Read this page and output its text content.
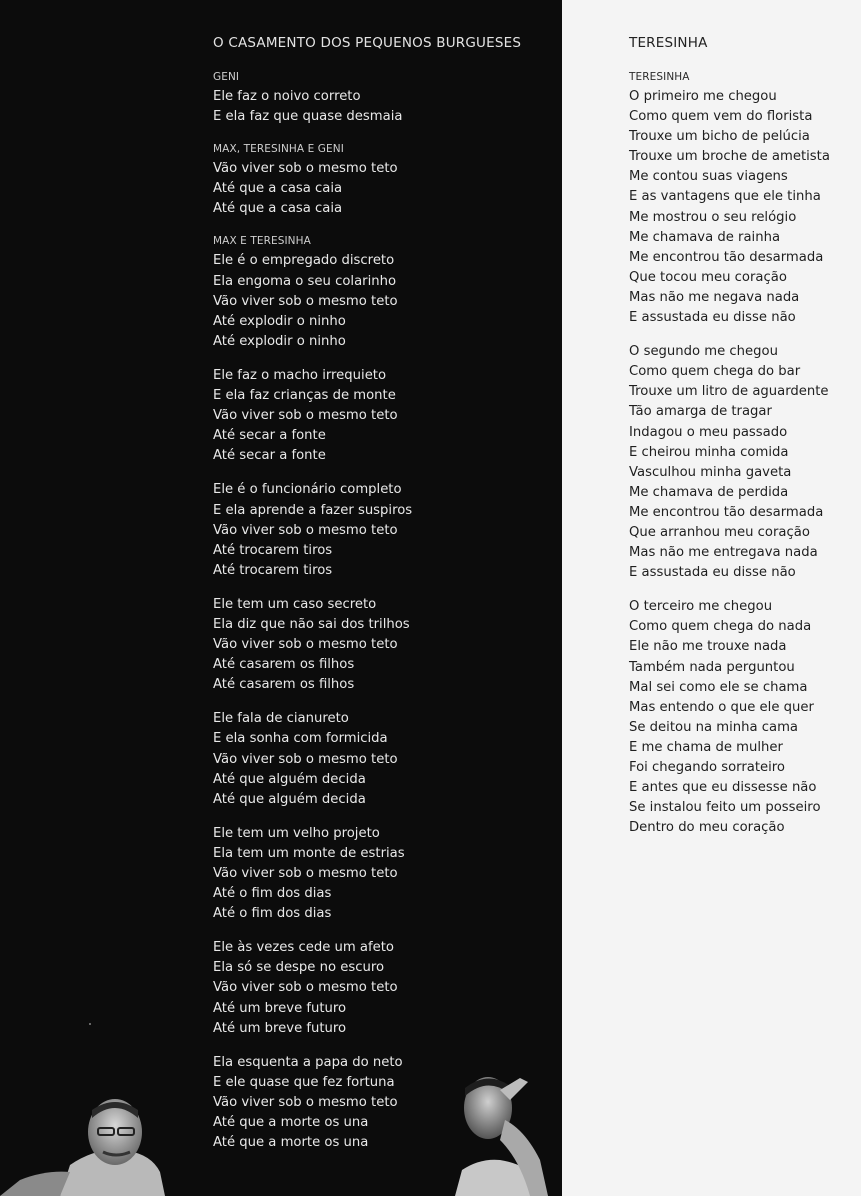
O CASAMENTO DOS PEQUENOS BURGUESES
GENI
Ele faz o noivo correto
E ela faz que quase desmaia
MAX, TERESINHA E GENI
Vão viver sob o mesmo teto
Até que a casa caia
Até que a casa caia
MAX E TERESINHA
Ele é o empregado discreto
Ela engoma o seu colarinho
Vão viver sob o mesmo teto
Até explodir o ninho
Até explodir o ninho
Ele faz o macho irrequieto
E ela faz crianças de monte
Vão viver sob o mesmo teto
Até secar a fonte
Até secar a fonte
Ele é o funcionário completo
E ela aprende a fazer suspiros
Vão viver sob o mesmo teto
Até trocarem tiros
Até trocarem tiros
Ele tem um caso secreto
Ela diz que não sai dos trilhos
Vão viver sob o mesmo teto
Até casarem os filhos
Até casarem os filhos
Ele fala de cianureto
E ela sonha com formicida
Vão viver sob o mesmo teto
Até que alguém decida
Até que alguém decida
Ele tem um velho projeto
Ela tem um monte de estrias
Vão viver sob o mesmo teto
Até o fim dos dias
Até o fim dos dias
Ele às vezes cede um afeto
Ela só se despe no escuro
Vão viver sob o mesmo teto
Até um breve futuro
Até um breve futuro
Ela esquenta a papa do neto
E ele quase que fez fortuna
Vão viver sob o mesmo teto
Até que a morte os una
Até que a morte os una
TERESINHA
TERESINHA
O primeiro me chegou
Como quem vem do florista
Trouxe um bicho de pelúcia
Trouxe um broche de ametista
Me contou suas viagens
E as vantagens que ele tinha
Me mostrou o seu relógio
Me chamava de rainha
Me encontrou tão desarmada
Que tocou meu coração
Mas não me negava nada
E assustada eu disse não
O segundo me chegou
Como quem chega do bar
Trouxe um litro de aguardente
Tão amarga de tragar
Indagou o meu passado
E cheirou minha comida
Vasculhou minha gaveta
Me chamava de perdida
Me encontrou tão desarmada
Que arranhou meu coração
Mas não me entregava nada
E assustada eu disse não
O terceiro me chegou
Como quem chega do nada
Ele não me trouxe nada
Também nada perguntou
Mal sei como ele se chama
Mas entendo o que ele quer
Se deitou na minha cama
E me chama de mulher
Foi chegando sorrateiro
E antes que eu dissesse não
Se instalou feito um posseiro
Dentro do meu coração
